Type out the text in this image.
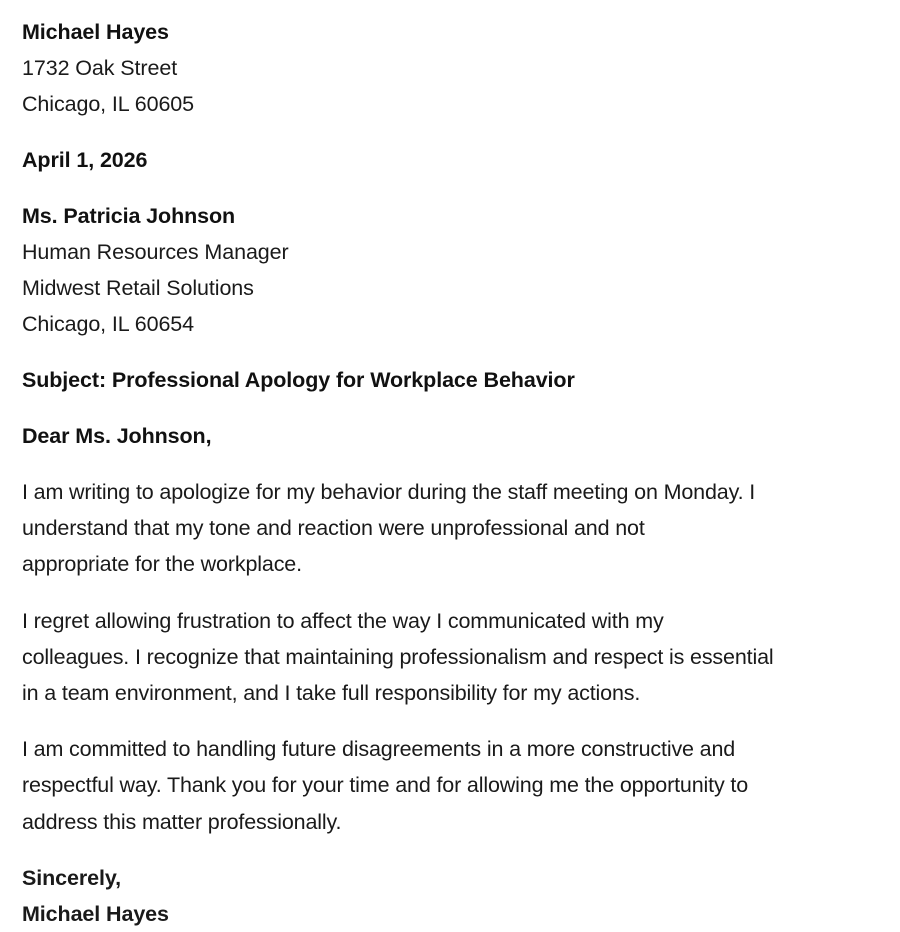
Michael Hayes
1732 Oak Street
Chicago, IL 60605
April 1, 2026
Ms. Patricia Johnson
Human Resources Manager
Midwest Retail Solutions
Chicago, IL 60654
Subject: Professional Apology for Workplace Behavior
Dear Ms. Johnson,

I am writing to apologize for my behavior during the staff meeting on Monday. I
understand that my tone and reaction were unprofessional and not
appropriate for the workplace.

I regret allowing frustration to affect the way I communicated with my
colleagues. I recognize that maintaining professionalism and respect is essential
in a team environment, and I take full responsibility for my actions.

I am committed to handling future disagreements in a more constructive and
respectful way. Thank you for your time and for allowing me the opportunity to
address this matter professionally.

Sincerely,
Michael Hayes
